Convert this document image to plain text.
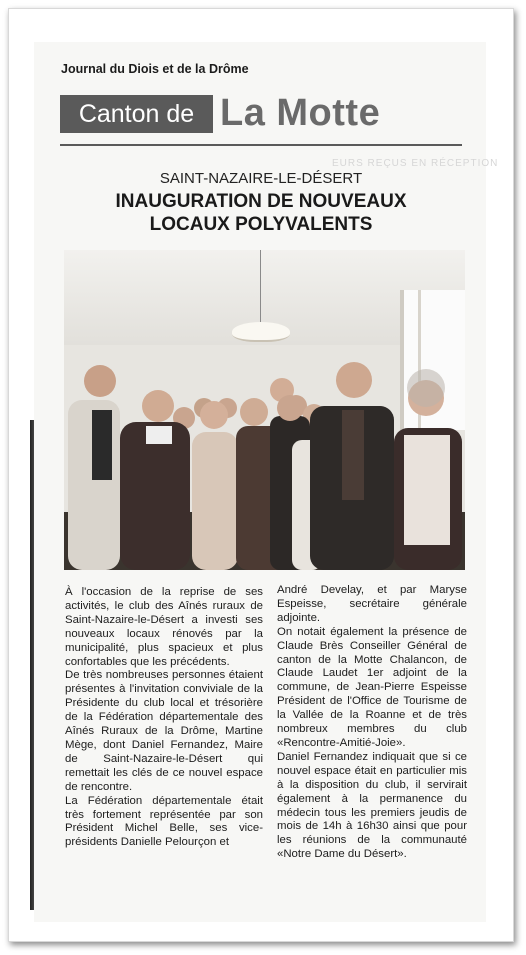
Journal du Diois et de la Drôme
Canton de La Motte
EURS REÇUS EN RÉCEPTION
SAINT-NAZAIRE-LE-DÉSERT
INAUGURATION DE NOUVEAUX
LOCAUX POLYVALENTS

À l'occasion de la reprise de ses activités, le club des Aînés ruraux de Saint-Nazaire-le-Désert a investi ses nouveaux locaux rénovés par la municipalité, plus spacieux et plus confortables que les précédents.

De très nombreuses personnes étaient présentes à l'invitation conviviale de la Présidente du club local et trésorière de la Fédération départementale des Aînés Ruraux de la Drôme, Martine Mège, dont Daniel Fernandez, Maire de Saint-Nazaire-le-Désert qui remettait les clés de ce nouvel espace de rencontre.

La Fédération départementale était très fortement représentée par son Président Michel Belle, ses vice-présidents Danielle Pelourçon et

André Develay, et par Maryse Espeisse, secrétaire générale adjointe.

On notait également la présence de Claude Brès Conseiller Général de canton de la Motte Chalancon, de Claude Laudet 1er adjoint de la commune, de Jean-Pierre Espeisse Président de l'Office de Tourisme de la Vallée de la Roanne et de très nombreux membres du club «Rencontre-Amitié-Joie».

Daniel Fernandez indiquait que si ce nouvel espace était en particulier mis à la disposition du club, il servirait également à la permanence du médecin tous les premiers jeudis de mois de 14h à 16h30 ainsi que pour les réunions de la communauté «Notre Dame du Désert».
